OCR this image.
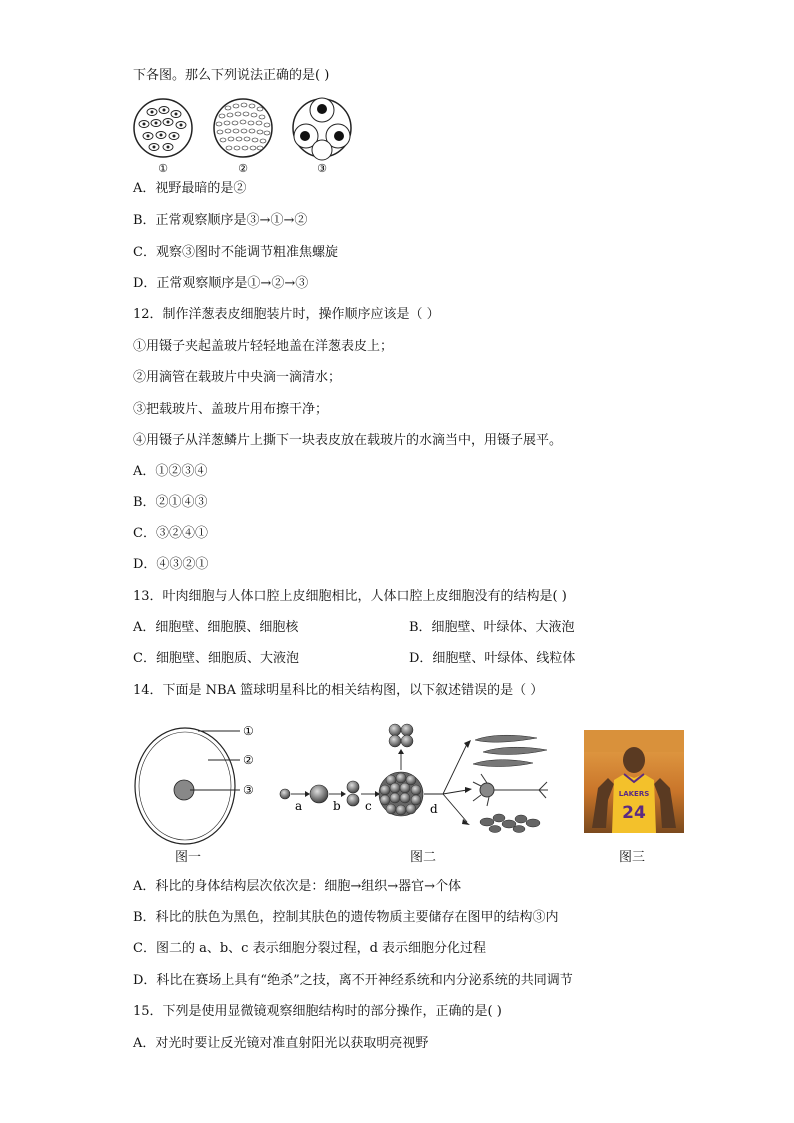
下各图。那么下列说法正确的是( )
①	②	③
A．视野最暗的是②
B．正常观察顺序是③→①→②
C．观察③图时不能调节粗准焦螺旋
D．正常观察顺序是①→②→③
12．制作洋葱表皮细胞装片时，操作顺序应该是（ ）
①用镊子夹起盖玻片轻轻地盖在洋葱表皮上；
②用滴管在载玻片中央滴一滴清水；
③把载玻片、盖玻片用布擦干净；
④用镊子从洋葱鳞片上撕下一块表皮放在载玻片的水滴当中，用镊子展平。
A．①②③④
B．②①④③
C．③②④①
D．④③②①
13．叶肉细胞与人体口腔上皮细胞相比，人体口腔上皮细胞没有的结构是( )
A．细胞壁、细胞膜、细胞核	B．细胞壁、叶绿体、大液泡
C．细胞壁、细胞质、大液泡	D．细胞壁、叶绿体、线粒体
14．下面是 NBA 篮球明星科比的相关结构图，以下叙述错误的是（ ）
①
②
③
a	b c	d
LAKERS
24
图一	图二	图三
A．科比的身体结构层次依次是：细胞→组织→器官→个体
B．科比的肤色为黑色，控制其肤色的遗传物质主要储存在图甲的结构③内
C．图二的 a、b、c 表示细胞分裂过程，d 表示细胞分化过程
D．科比在赛场上具有“绝杀”之技，离不开神经系统和内分泌系统的共同调节
15．下列是使用显微镜观察细胞结构时的部分操作，正确的是( )
A．对光时要让反光镜对准直射阳光以获取明亮视野
